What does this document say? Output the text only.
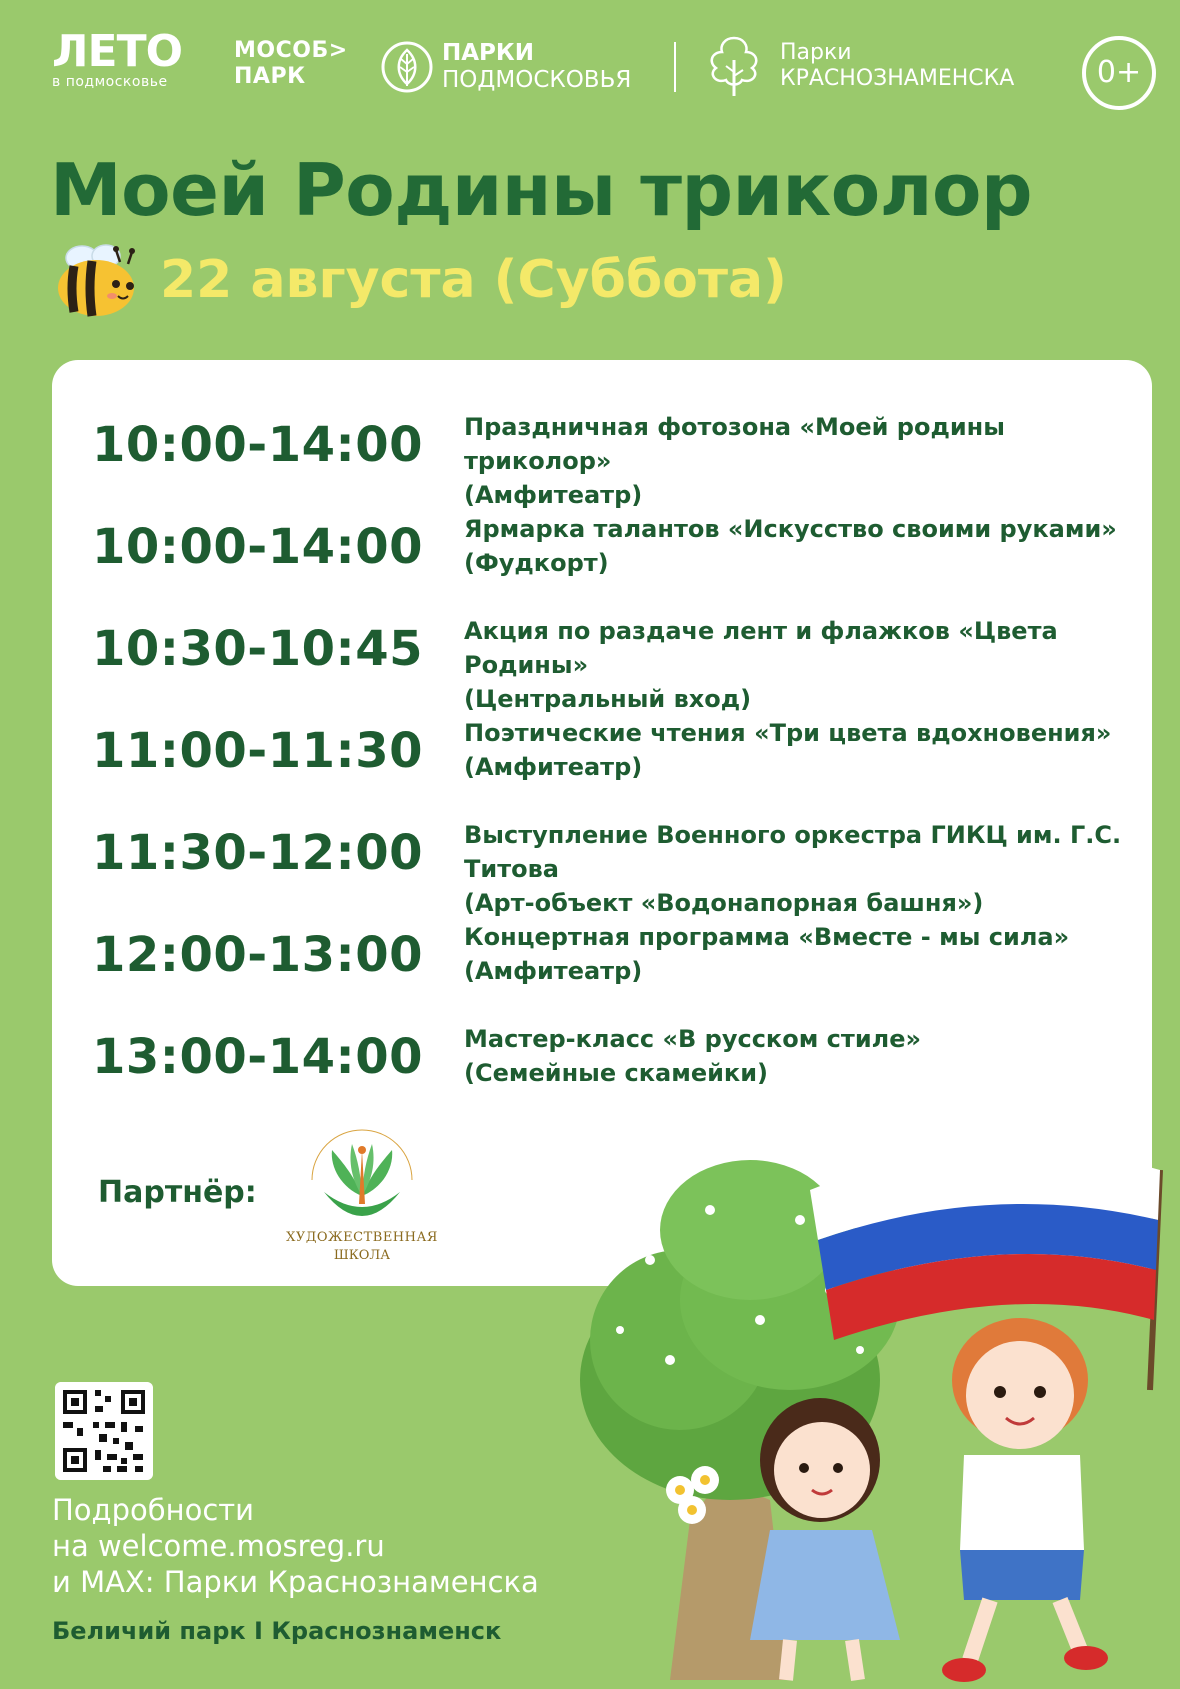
ЛЕТО
в подмосковье
МОСОБ>
ПАРК
ПАРКИ
ПОДМОСКОВЬЯ
Парки
КРАСНОЗНАМЕНСКА	0+
Моей Родины триколор
22 августа (Суббота)
10:00-14:00 Праздничная фотозона «Моей родины триколор»
(Амфитеатр)
10:00-14:00 Ярмарка талантов «Искусство своими руками»
(Фудкорт)
10:30-10:45 Акция по раздаче лент и флажков «Цвета Родины»
(Центральный вход)
11:00-11:30 Поэтические чтения «Три цвета вдохновения»
(Амфитеатр)
11:30-12:00 Выступление Военного оркестра ГИКЦ им. Г.С. Титова
(Арт-объект «Водонапорная башня»)
12:00-13:00 Концертная программа «Вместе - мы сила»
(Амфитеатр)
13:00-14:00 Мастер-класс «В русском стиле»
(Семейные скамейки)
Партнёр:
ХУДОЖЕСТВЕННАЯ
ШКОЛА
Подробности
на welcome.mosreg.ru
и MAX: Парки Краснознаменска
Беличий парк I Краснознаменск
